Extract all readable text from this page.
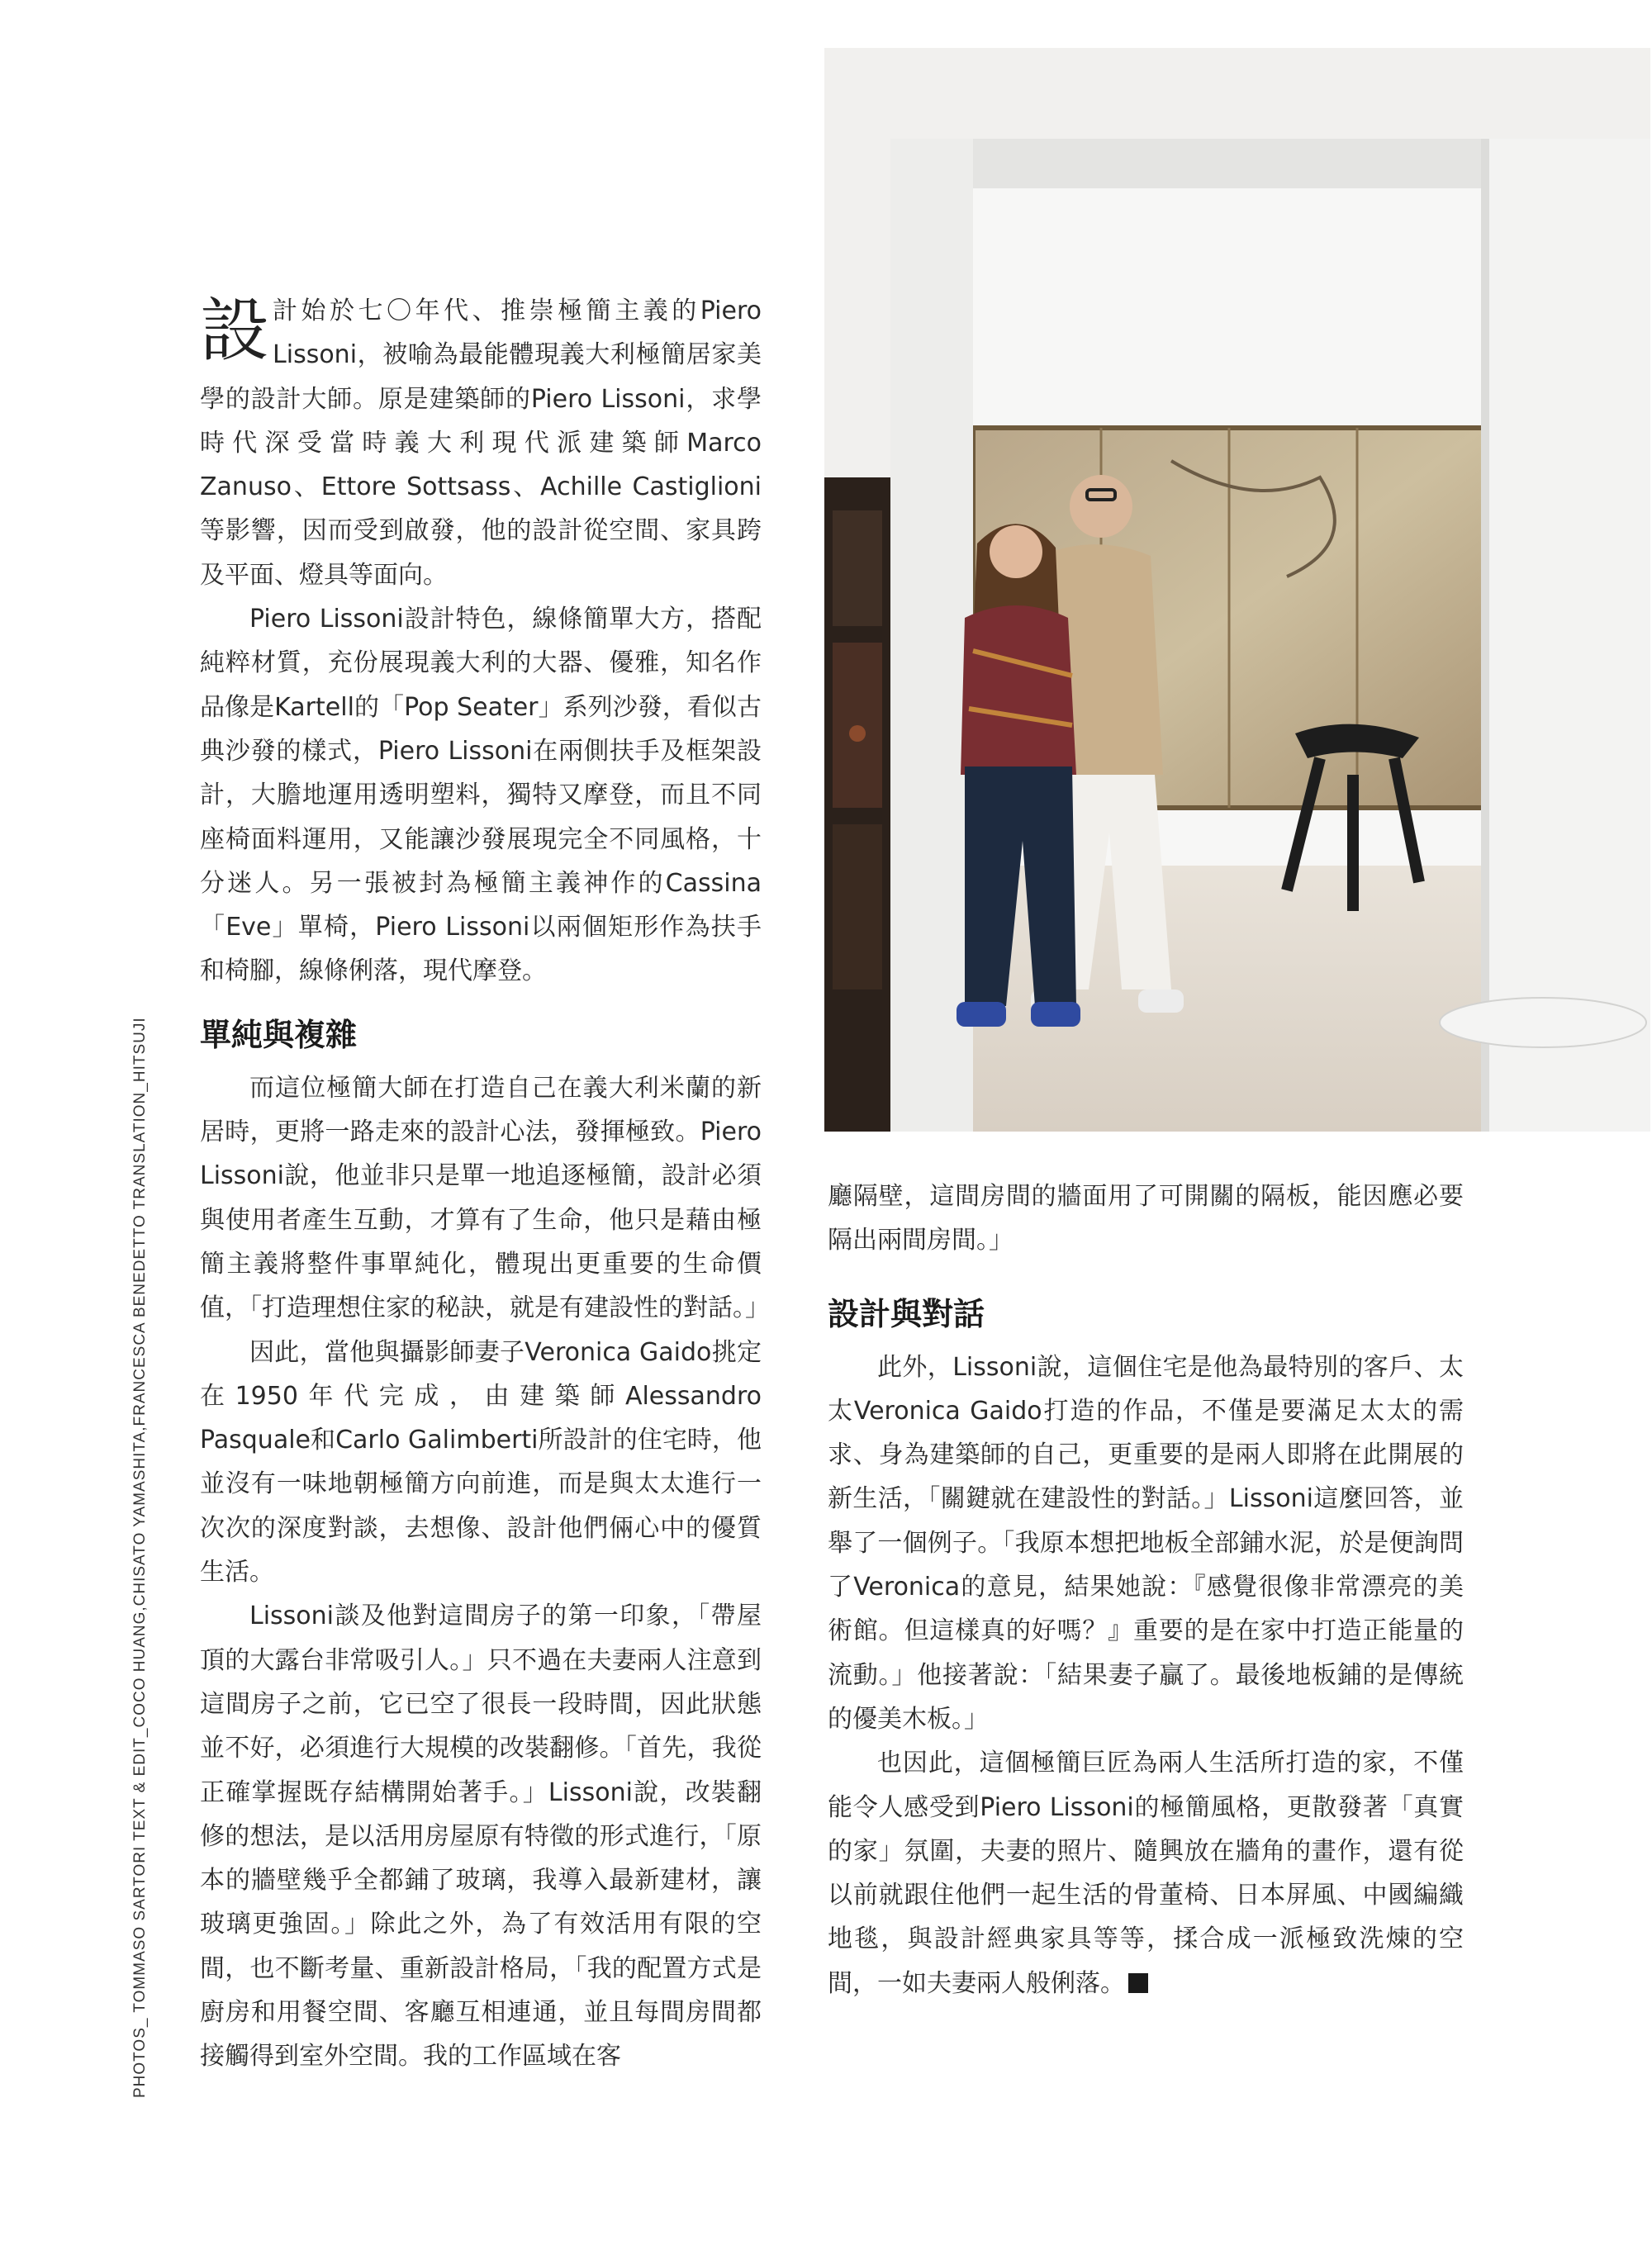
PHOTOS_ TOMMASO SARTORI TEXT & EDIT_COCO HUANG,CHISATO YAMASHITA,FRANCESCA BENEDETTO TRANSLATION_HITSUJI

設計始於七〇年代、推崇極簡主義的Piero Lissoni，被喻為最能體現義大利極簡居家美學的設計大師。原是建築師的Piero Lissoni，求學時代深受當時義大利現代派建築師Marco Zanuso、Ettore Sottsass、Achille Castiglioni等影響，因而受到啟發，他的設計從空間、家具跨及平面、燈具等面向。

Piero Lissoni設計特色，線條簡單大方，搭配純粹材質，充份展現義大利的大器、優雅，知名作品像是Kartell的「Pop Seater」系列沙發，看似古典沙發的樣式，Piero Lissoni在兩側扶手及框架設計，大膽地運用透明塑料，獨特又摩登，而且不同座椅面料運用，又能讓沙發展現完全不同風格，十分迷人。另一張被封為極簡主義神作的Cassina「Eve」單椅，Piero Lissoni以兩個矩形作為扶手和椅腳，線條俐落，現代摩登。

單純與複雜

而這位極簡大師在打造自己在義大利米蘭的新居時，更將一路走來的設計心法，發揮極致。Piero Lissoni說，他並非只是單一地追逐極簡，設計必須與使用者產生互動，才算有了生命，他只是藉由極簡主義將整件事單純化，體現出更重要的生命價值，「打造理想住家的秘訣，就是有建設性的對話。」

因此，當他與攝影師妻子Veronica Gaido挑定在1950年代完成，由建築師Alessandro Pasquale和Carlo Galimberti所設計的住宅時，他並沒有一味地朝極簡方向前進，而是與太太進行一次次的深度對談，去想像、設計他們倆心中的優質生活。

Lissoni談及他對這間房子的第一印象，「帶屋頂的大露台非常吸引人。」只不過在夫妻兩人注意到這間房子之前，它已空了很長一段時間，因此狀態並不好，必須進行大規模的改裝翻修。「首先，我從正確掌握既存結構開始著手。」Lissoni說，改裝翻修的想法，是以活用房屋原有特徵的形式進行，「原本的牆壁幾乎全都鋪了玻璃，我導入最新建材，讓玻璃更強固。」除此之外，為了有效活用有限的空間，也不斷考量、重新設計格局，「我的配置方式是廚房和用餐空間、客廳互相連通，並且每間房間都接觸得到室外空間。我的工作區域在客

廳隔壁，這間房間的牆面用了可開關的隔板，能因應必要隔出兩間房間。」

設計與對話

此外，Lissoni說，這個住宅是他為最特別的客戶、太太Veronica Gaido打造的作品，不僅是要滿足太太的需求、身為建築師的自己，更重要的是兩人即將在此開展的新生活，「關鍵就在建設性的對話。」Lissoni這麼回答，並舉了一個例子。「我原本想把地板全部鋪水泥，於是便詢問了Veronica的意見，結果她說：『感覺很像非常漂亮的美術館。但這樣真的好嗎？』重要的是在家中打造正能量的流動。」他接著說：「結果妻子贏了。最後地板鋪的是傳統的優美木板。」

也因此，這個極簡巨匠為兩人生活所打造的家，不僅能令人感受到Piero Lissoni的極簡風格，更散發著「真實的家」氛圍，夫妻的照片、隨興放在牆角的畫作，還有從以前就跟住他們一起生活的骨董椅、日本屏風、中國編織地毯，與設計經典家具等等，揉合成一派極致洗煉的空間，一如夫妻兩人般俐落。
